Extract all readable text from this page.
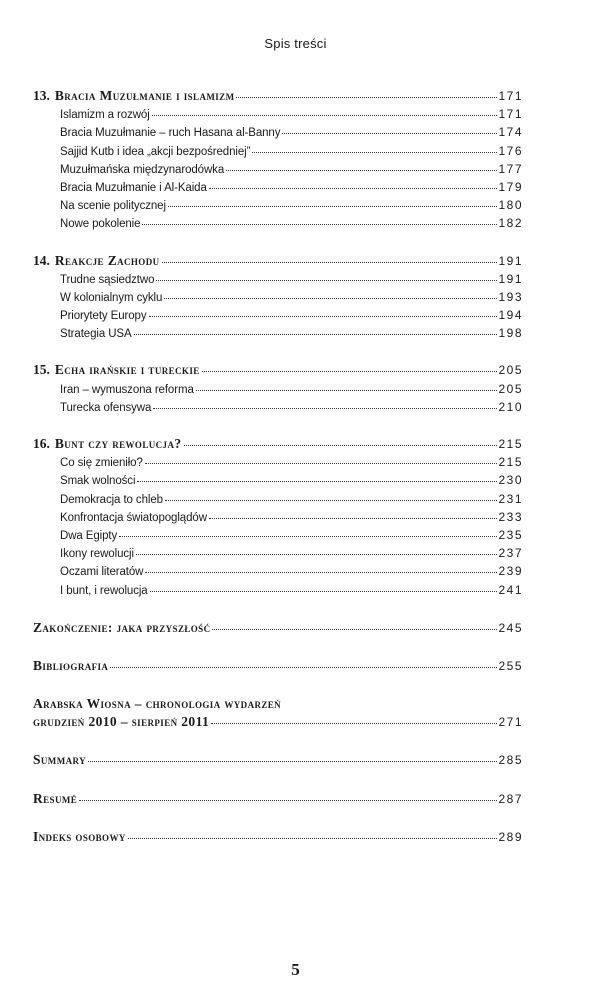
Spis treści
13. Bracia Muzułmanie i islamizm	171
Islamizm a rozwój	171
Bracia Muzułmanie – ruch Hasana al-Banny	174
Sajjid Kutb i idea „akcji bezpośredniej”	176
Muzułmańska międzynarodówka	177
Bracia Muzułmanie i Al-Kaida	179
Na scenie politycznej	180
Nowe pokolenie	182
14. Reakcje Zachodu	191
Trudne sąsiedztwo	191
W kolonialnym cyklu	193
Priorytety Europy	194
Strategia USA	198
15. Echa irańskie i tureckie	205
Iran – wymuszona reforma	205
Turecka ofensywa	210
16. Bunt czy rewolucja?	215
Co się zmieniło?	215
Smak wolności	230
Demokracja to chleb	231
Konfrontacja światopoglądów	233
Dwa Egipty	235
Ikony rewolucji	237
Oczami literatów	239
I bunt, i rewolucja	241
Zakończenie: jaka przyszłość	245
Bibliografia	255
Arabska Wiosna – chronologia wydarzeń
grudzień 2010 – sierpień 2011	271
Summary	285
Resumé	287
Indeks osobowy	289
5
